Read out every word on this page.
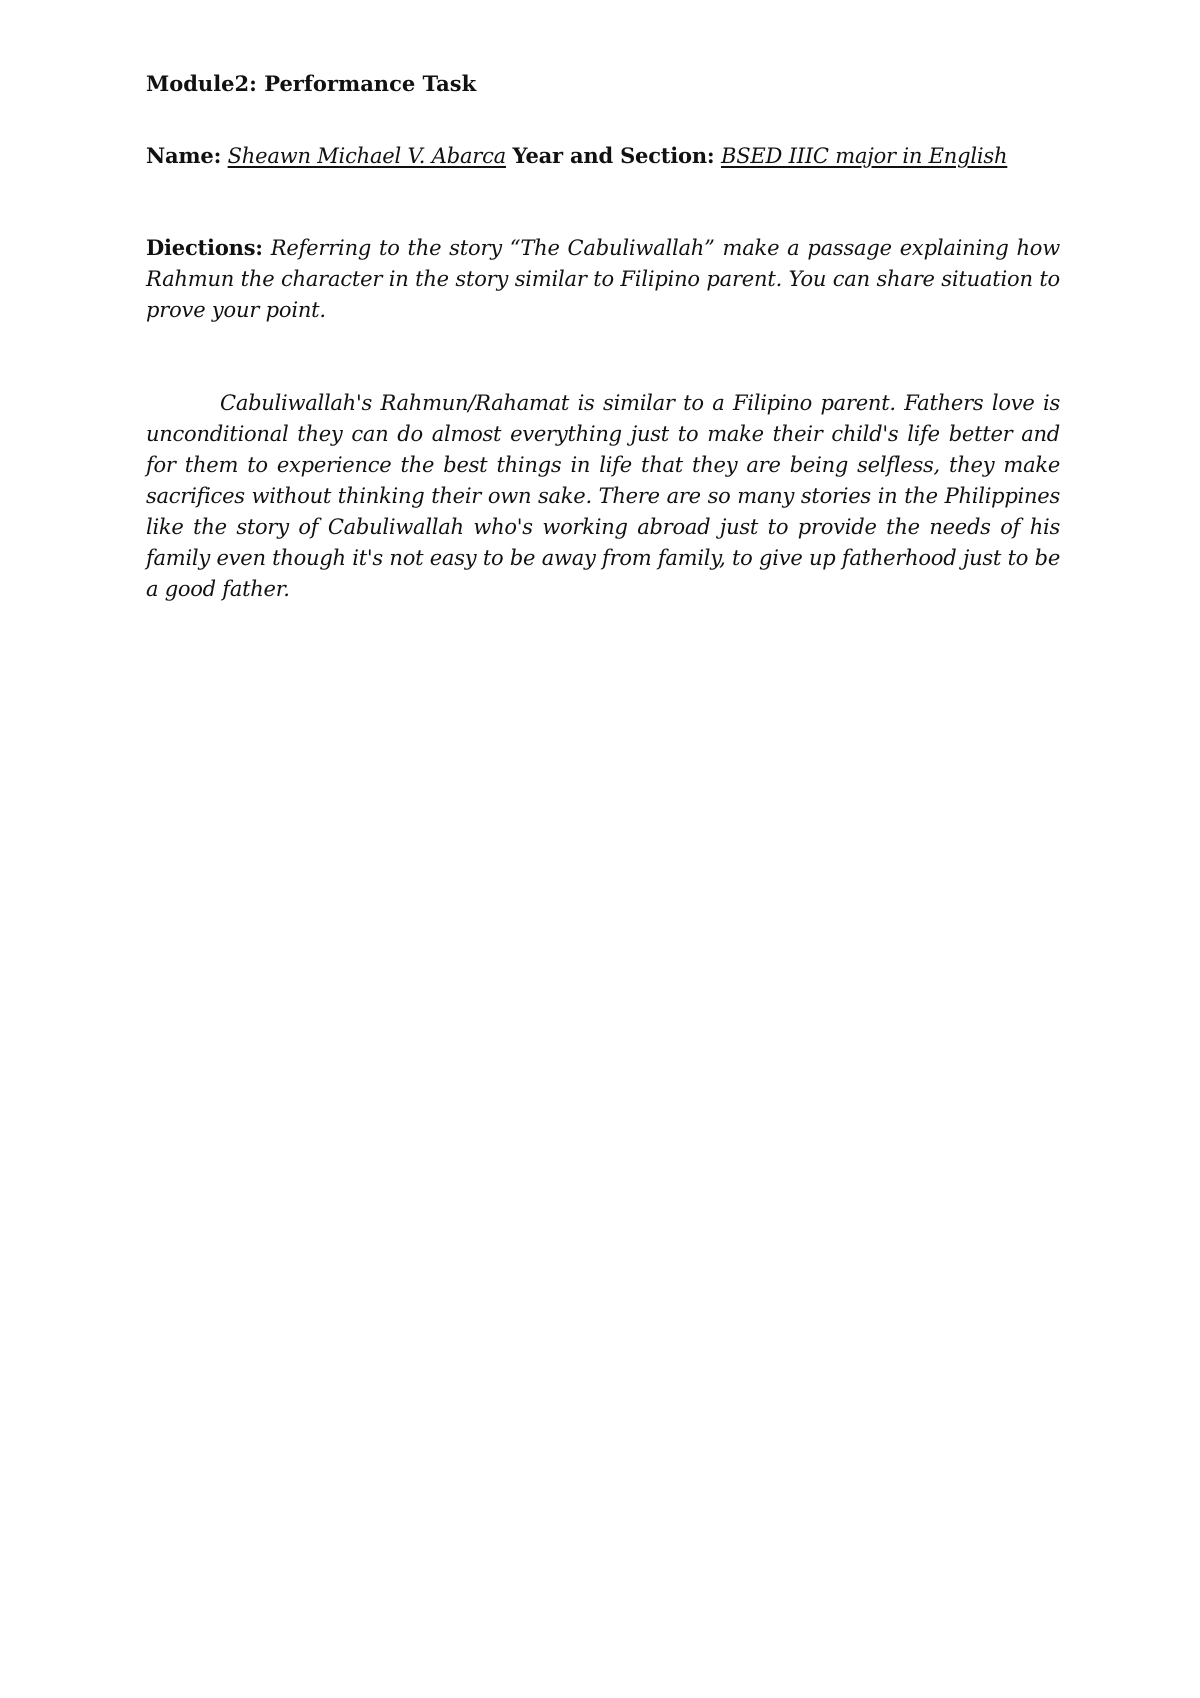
Module2: Performance Task
Name: Sheawn Michael V. Abarca Year and Section: BSED IIIC major in English
Diections: Referring to the story “The Cabuliwallah” make a passage explaining how Rahmun the character in the story similar to Filipino parent. You can share situation to prove your point.
Cabuliwallah's Rahmun/Rahamat is similar to a Filipino parent. Fathers love is unconditional they can do almost everything just to make their child's life better and for them to experience the best things in life that they are being selfless, they make sacrifices without thinking their own sake. There are so many stories in the Philippines like the story of Cabuliwallah who's working abroad just to provide the needs of his family even though it's not easy to be away from family, to give up fatherhood just to be a good father.
